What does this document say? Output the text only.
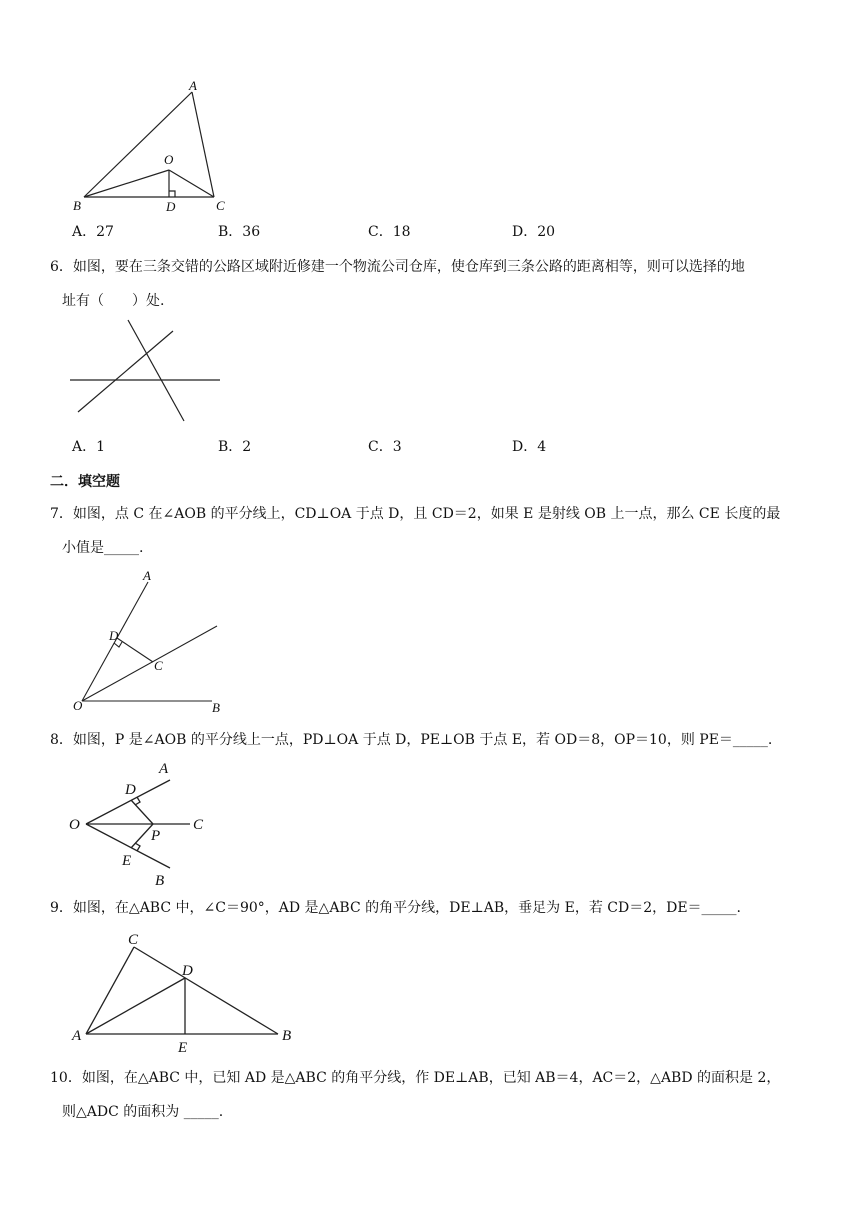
A
O
B	D	C
A．27	B．36	C．18	D．20
6．如图，要在三条交错的公路区域附近修建一个物流公司仓库，使仓库到三条公路的距离相等，则可以选择的地
址有（　　）处.
A．1	B．2	C．3	D．4
二．填空题
7．如图，点 C 在∠AOB 的平分线上，CD⊥OA 于点 D，且 CD＝2，如果 E 是射线 OB 上一点，那么 CE 长度的最
小值是_____.
A
D
C
O	B
8．如图，P 是∠AOB 的平分线上一点，PD⊥OA 于点 D，PE⊥OB 于点 E，若 OD＝8，OP＝10，则 PE＝_____.
D
A
O
P
C
E
B
9．如图，在△ABC 中，∠C＝90°，AD 是△ABC 的角平分线，DE⊥AB，垂足为 E，若 CD＝2，DE＝_____.
C
D
A
E
B
10．如图，在△ABC 中，已知 AD 是△ABC 的角平分线，作 DE⊥AB，已知 AB＝4，AC＝2，△ABD 的面积是 2，
则△ADC 的面积为 _____.
